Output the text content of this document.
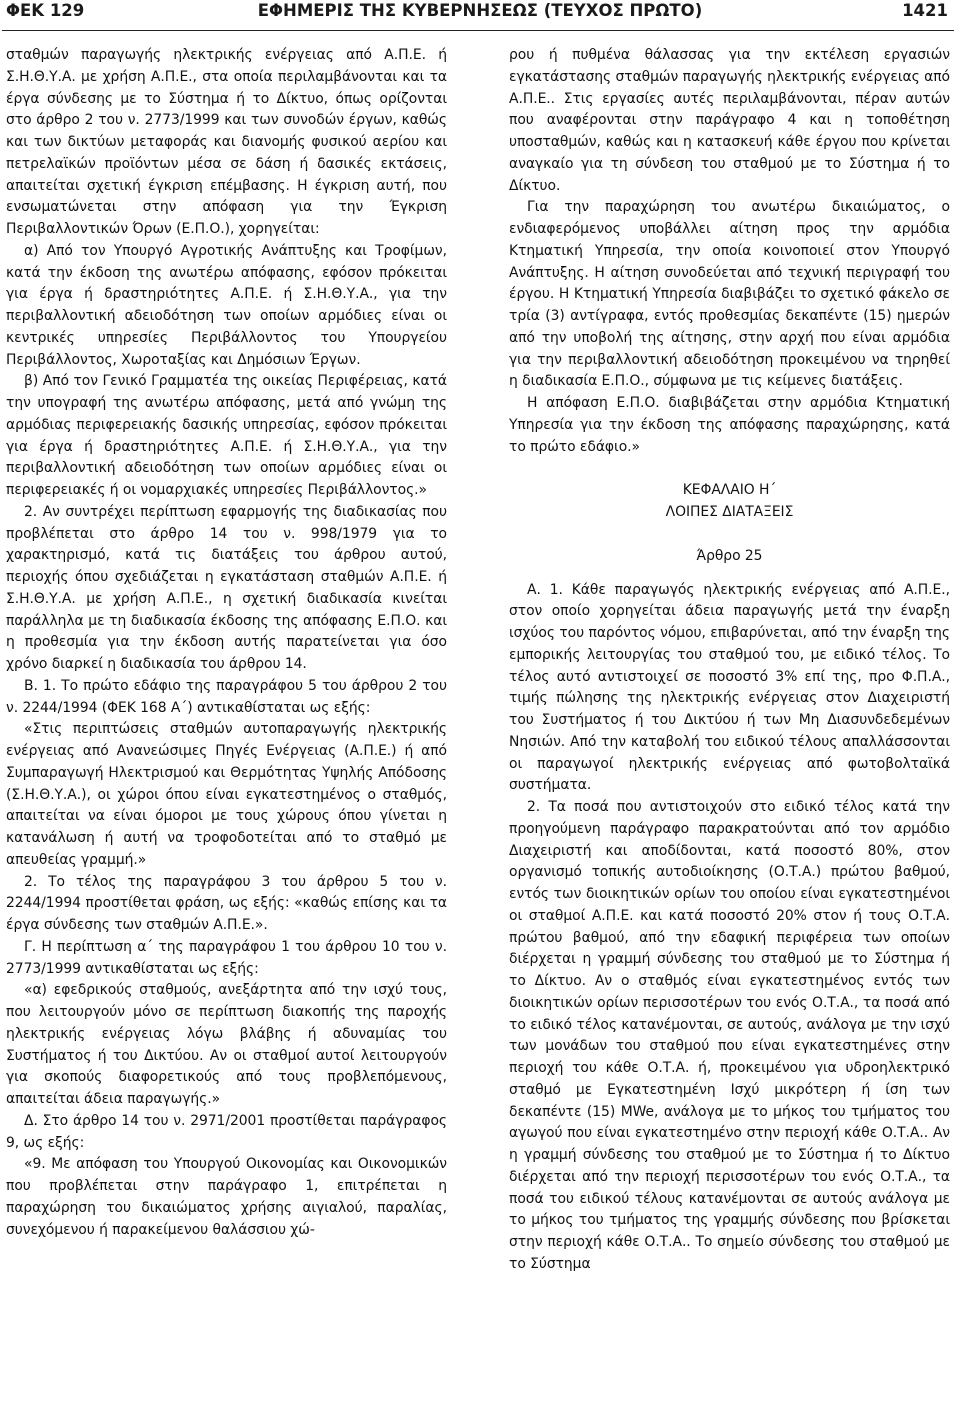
ΦΕΚ 129	ΕΦΗΜΕΡΙΣ ΤΗΣ ΚΥΒΕΡΝΗΣΕΩΣ (ΤΕΥΧΟΣ ΠΡΩΤΟ)	1421

σταθμών παραγωγής ηλεκτρικής ενέργειας από Α.Π.Ε. ή Σ.Η.Θ.Υ.Α. με χρήση Α.Π.Ε., στα οποία περιλαμβάνονται και τα έργα σύνδεσης με το Σύστημα ή το Δίκτυο, όπως ορίζονται στο άρθρο 2 του ν. 2773/1999 και των συνοδών έργων, καθώς και των δικτύων μεταφοράς και διανομής φυσικού αερίου και πετρελαϊκών προϊόντων μέσα σε δάση ή δασικές εκτάσεις, απαιτείται σχετική έγκριση επέμβασης. Η έγκριση αυτή, που ενσωματώνεται στην απόφαση για την Έγκριση Περιβαλλοντικών Όρων (Ε.Π.Ο.), χορηγείται:

α) Από τον Υπουργό Αγροτικής Ανάπτυξης και Τροφίμων, κατά την έκδοση της ανωτέρω απόφασης, εφόσον πρόκειται για έργα ή δραστηριότητες Α.Π.Ε. ή Σ.Η.Θ.Υ.Α., για την περιβαλλοντική αδειοδότηση των οποίων αρμόδιες είναι οι κεντρικές υπηρεσίες Περιβάλλοντος του Υπουργείου Περιβάλλοντος, Χωροταξίας και Δημόσιων Έργων.

β) Από τον Γενικό Γραμματέα της οικείας Περιφέρειας, κατά την υπογραφή της ανωτέρω απόφασης, μετά από γνώμη της αρμόδιας περιφερειακής δασικής υπηρεσίας, εφόσον πρόκειται για έργα ή δραστηριότητες Α.Π.Ε. ή Σ.Η.Θ.Υ.Α., για την περιβαλλοντική αδειοδότηση των οποίων αρμόδιες είναι οι περιφερειακές ή οι νομαρχιακές υπηρεσίες Περιβάλλοντος.»

2. Αν συντρέχει περίπτωση εφαρμογής της διαδικασίας που προβλέπεται στο άρθρο 14 του ν. 998/1979 για το χαρακτηρισμό, κατά τις διατάξεις του άρθρου αυτού, περιοχής όπου σχεδιάζεται η εγκατάσταση σταθμών Α.Π.Ε. ή Σ.Η.Θ.Υ.Α. με χρήση Α.Π.Ε., η σχετική διαδικασία κινείται παράλληλα με τη διαδικασία έκδοσης της απόφασης Ε.Π.Ο. και η προθεσμία για την έκδοση αυτής παρατείνεται για όσο χρόνο διαρκεί η διαδικασία του άρθρου 14.

Β. 1. Το πρώτο εδάφιο της παραγράφου 5 του άρθρου 2 του ν. 2244/1994 (ΦΕΚ 168 Α΄) αντικαθίσταται ως εξής:

«Στις περιπτώσεις σταθμών αυτοπαραγωγής ηλεκτρικής ενέργειας από Ανανεώσιμες Πηγές Ενέργειας (Α.Π.Ε.) ή από Συμπαραγωγή Ηλεκτρισμού και Θερμότητας Υψηλής Απόδοσης (Σ.Η.Θ.Υ.Α.), οι χώροι όπου είναι εγκατεστημένος ο σταθμός, απαιτείται να είναι όμοροι με τους χώρους όπου γίνεται η κατανάλωση ή αυτή να τροφοδοτείται από το σταθμό με απευθείας γραμμή.»

2. Το τέλος της παραγράφου 3 του άρθρου 5 του ν. 2244/1994 προστίθεται φράση, ως εξής: «καθώς επίσης και τα έργα σύνδεσης των σταθμών Α.Π.Ε.».

Γ. Η περίπτωση α΄ της παραγράφου 1 του άρθρου 10 του ν. 2773/1999 αντικαθίσταται ως εξής:

«α) εφεδρικούς σταθμούς, ανεξάρτητα από την ισχύ τους, που λειτουργούν μόνο σε περίπτωση διακοπής της παροχής ηλεκτρικής ενέργειας λόγω βλάβης ή αδυναμίας του Συστήματος ή του Δικτύου. Αν οι σταθμοί αυτοί λειτουργούν για σκοπούς διαφορετικούς από τους προβλεπόμενους, απαιτείται άδεια παραγωγής.»

Δ. Στο άρθρο 14 του ν. 2971/2001 προστίθεται παράγραφος 9, ως εξής:

«9. Με απόφαση του Υπουργού Οικονομίας και Οικονομικών που προβλέπεται στην παράγραφο 1, επιτρέπεται η παραχώρηση του δικαιώματος χρήσης αιγιαλού, παραλίας, συνεχόμενου ή παρακείμενου θαλάσσιου χώ-

ρου ή πυθμένα θάλασσας για την εκτέλεση εργασιών εγκατάστασης σταθμών παραγωγής ηλεκτρικής ενέργειας από Α.Π.Ε.. Στις εργασίες αυτές περιλαμβάνονται, πέραν αυτών που αναφέρονται στην παράγραφο 4 και η τοποθέτηση υποσταθμών, καθώς και η κατασκευή κάθε έργου που κρίνεται αναγκαίο για τη σύνδεση του σταθμού με το Σύστημα ή το Δίκτυο.

Για την παραχώρηση του ανωτέρω δικαιώματος, ο ενδιαφερόμενος υποβάλλει αίτηση προς την αρμόδια Κτηματική Υπηρεσία, την οποία κοινοποιεί στον Υπουργό Ανάπτυξης. Η αίτηση συνοδεύεται από τεχνική περιγραφή του έργου. Η Κτηματική Υπηρεσία διαβιβάζει το σχετικό φάκελο σε τρία (3) αντίγραφα, εντός προθεσμίας δεκαπέντε (15) ημερών από την υποβολή της αίτησης, στην αρχή που είναι αρμόδια για την περιβαλλοντική αδειοδότηση προκειμένου να τηρηθεί η διαδικασία Ε.Π.Ο., σύμφωνα με τις κείμενες διατάξεις.

Η απόφαση Ε.Π.Ο. διαβιβάζεται στην αρμόδια Κτηματική Υπηρεσία για την έκδοση της απόφασης παραχώρησης, κατά το πρώτο εδάφιο.»

ΚΕΦΑΛΑΙΟ Η΄

ΛΟΙΠΕΣ ΔΙΑΤΑΞΕΙΣ

Άρθρο 25

Α. 1. Κάθε παραγωγός ηλεκτρικής ενέργειας από Α.Π.Ε., στον οποίο χορηγείται άδεια παραγωγής μετά την έναρξη ισχύος του παρόντος νόμου, επιβαρύνεται, από την έναρξη της εμπορικής λειτουργίας του σταθμού του, με ειδικό τέλος. Το τέλος αυτό αντιστοιχεί σε ποσοστό 3% επί της, προ Φ.Π.Α., τιμής πώλησης της ηλεκτρικής ενέργειας στον Διαχειριστή του Συστήματος ή του Δικτύου ή των Μη Διασυνδεδεμένων Νησιών. Από την καταβολή του ειδικού τέλους απαλλάσσονται οι παραγωγοί ηλεκτρικής ενέργειας από φωτοβολταϊκά συστήματα.

2. Τα ποσά που αντιστοιχούν στο ειδικό τέλος κατά την προηγούμενη παράγραφο παρακρατούνται από τον αρμόδιο Διαχειριστή και αποδίδονται, κατά ποσοστό 80%, στον οργανισμό τοπικής αυτοδιοίκησης (Ο.Τ.Α.) πρώτου βαθμού, εντός των διοικητικών ορίων του οποίου είναι εγκατεστημένοι οι σταθμοί Α.Π.Ε. και κατά ποσοστό 20% στον ή τους Ο.Τ.Α. πρώτου βαθμού, από την εδαφική περιφέρεια των οποίων διέρχεται η γραμμή σύνδεσης του σταθμού με το Σύστημα ή το Δίκτυο. Αν ο σταθμός είναι εγκατεστημένος εντός των διοικητικών ορίων περισσοτέρων του ενός Ο.Τ.Α., τα ποσά από το ειδικό τέλος κατανέμονται, σε αυτούς, ανάλογα με την ισχύ των μονάδων του σταθμού που είναι εγκατεστημένες στην περιοχή του κάθε Ο.Τ.Α. ή, προκειμένου για υδροηλεκτρικό σταθμό με Εγκατεστημένη Ισχύ μικρότερη ή ίση των δεκαπέντε (15) MWe, ανάλογα με το μήκος του τμήματος του αγωγού που είναι εγκατεστημένο στην περιοχή κάθε Ο.Τ.Α.. Αν η γραμμή σύνδεσης του σταθμού με το Σύστημα ή το Δίκτυο διέρχεται από την περιοχή περισσοτέρων του ενός Ο.Τ.Α., τα ποσά του ειδικού τέλους κατανέμονται σε αυτούς ανάλογα με το μήκος του τμήματος της γραμμής σύνδεσης που βρίσκεται στην περιοχή κάθε Ο.Τ.Α.. Το σημείο σύνδεσης του σταθμού με το Σύστημα
